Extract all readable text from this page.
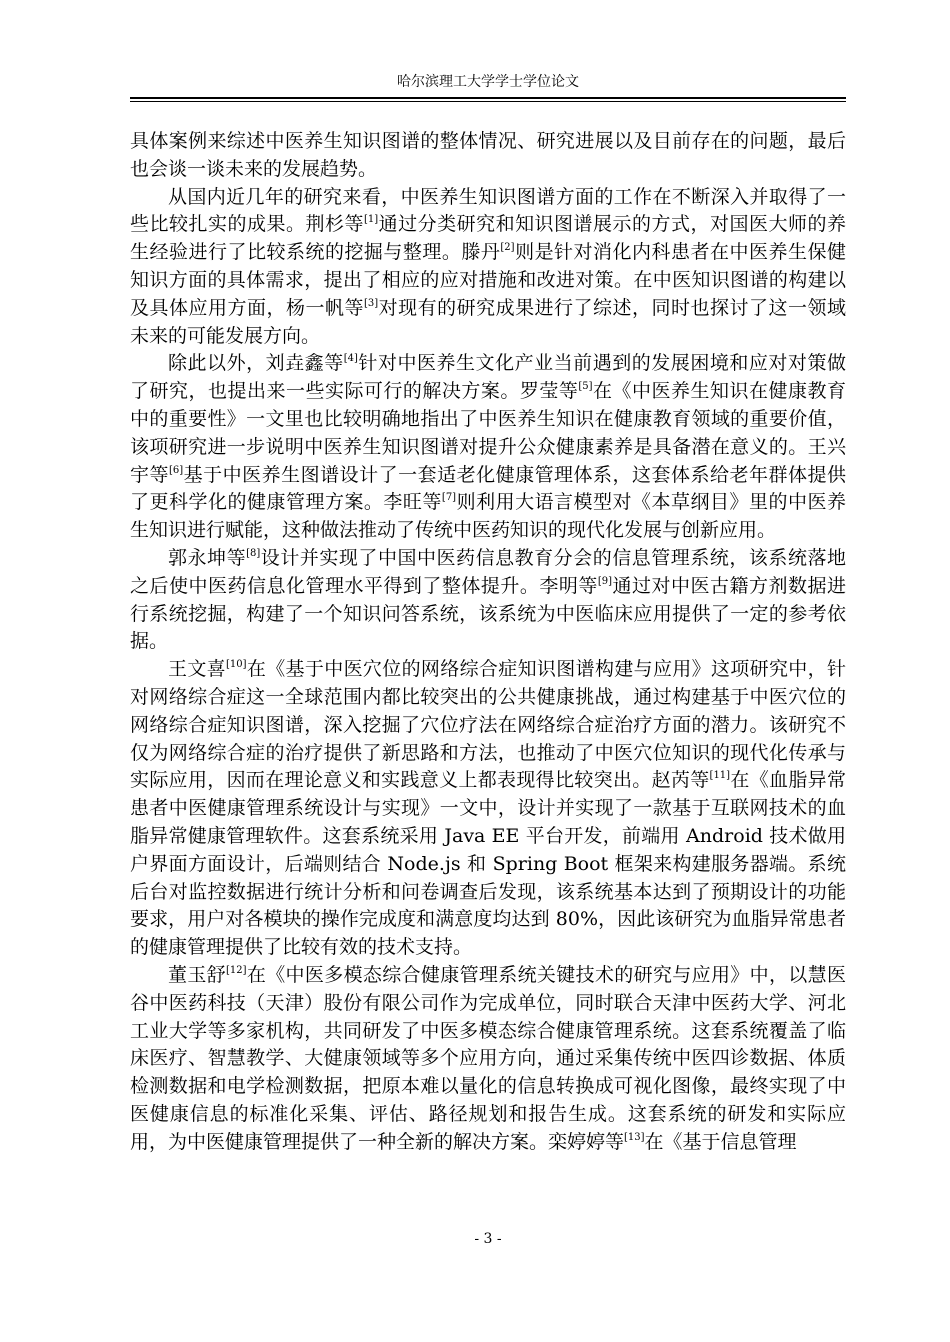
哈尔滨理工大学学士学位论文

具体案例来综述中医养生知识图谱的整体情况、研究进展以及目前存在的问题，最后也会谈一谈未来的发展趋势。

从国内近几年的研究来看，中医养生知识图谱方面的工作在不断深入并取得了一些比较扎实的成果。荆杉等[1]通过分类研究和知识图谱展示的方式，对国医大师的养生经验进行了比较系统的挖掘与整理。滕丹[2]则是针对消化内科患者在中医养生保健知识方面的具体需求，提出了相应的应对措施和改进对策。在中医知识图谱的构建以及具体应用方面，杨一帆等[3]对现有的研究成果进行了综述，同时也探讨了这一领域未来的可能发展方向。

除此以外，刘垚鑫等[4]针对中医养生文化产业当前遇到的发展困境和应对对策做了研究，也提出来一些实际可行的解决方案。罗莹等[5]在《中医养生知识在健康教育中的重要性》一文里也比较明确地指出了中医养生知识在健康教育领域的重要价值，该项研究进一步说明中医养生知识图谱对提升公众健康素养是具备潜在意义的。王兴宇等[6]基于中医养生图谱设计了一套适老化健康管理体系，这套体系给老年群体提供了更科学化的健康管理方案。李旺等[7]则利用大语言模型对《本草纲目》里的中医养生知识进行赋能，这种做法推动了传统中医药知识的现代化发展与创新应用。

郭永坤等[8]设计并实现了中国中医药信息教育分会的信息管理系统，该系统落地之后使中医药信息化管理水平得到了整体提升。李明等[9]通过对中医古籍方剂数据进行系统挖掘，构建了一个知识问答系统，该系统为中医临床应用提供了一定的参考依据。

王文喜[10]在《基于中医穴位的网络综合症知识图谱构建与应用》这项研究中，针对网络综合症这一全球范围内都比较突出的公共健康挑战，通过构建基于中医穴位的网络综合症知识图谱，深入挖掘了穴位疗法在网络综合症治疗方面的潜力。该研究不仅为网络综合症的治疗提供了新思路和方法，也推动了中医穴位知识的现代化传承与实际应用，因而在理论意义和实践意义上都表现得比较突出。赵芮等[11]在《血脂异常患者中医健康管理系统设计与实现》一文中，设计并实现了一款基于互联网技术的血脂异常健康管理软件。这套系统采用 Java EE 平台开发，前端用 Android 技术做用户界面方面设计，后端则结合 Node.js 和 Spring Boot 框架来构建服务器端。系统后台对监控数据进行统计分析和问卷调查后发现，该系统基本达到了预期设计的功能要求，用户对各模块的操作完成度和满意度均达到 80%，因此该研究为血脂异常患者的健康管理提供了比较有效的技术支持。

董玉舒[12]在《中医多模态综合健康管理系统关键技术的研究与应用》中，以慧医谷中医药科技（天津）股份有限公司作为完成单位，同时联合天津中医药大学、河北工业大学等多家机构，共同研发了中医多模态综合健康管理系统。这套系统覆盖了临床医疗、智慧教学、大健康领域等多个应用方向，通过采集传统中医四诊数据、体质检测数据和电学检测数据，把原本难以量化的信息转换成可视化图像，最终实现了中医健康信息的标准化采集、评估、路径规划和报告生成。这套系统的研发和实际应用，为中医健康管理提供了一种全新的解决方案。栾婷婷等[13]在《基于信息管理

- 3 -
